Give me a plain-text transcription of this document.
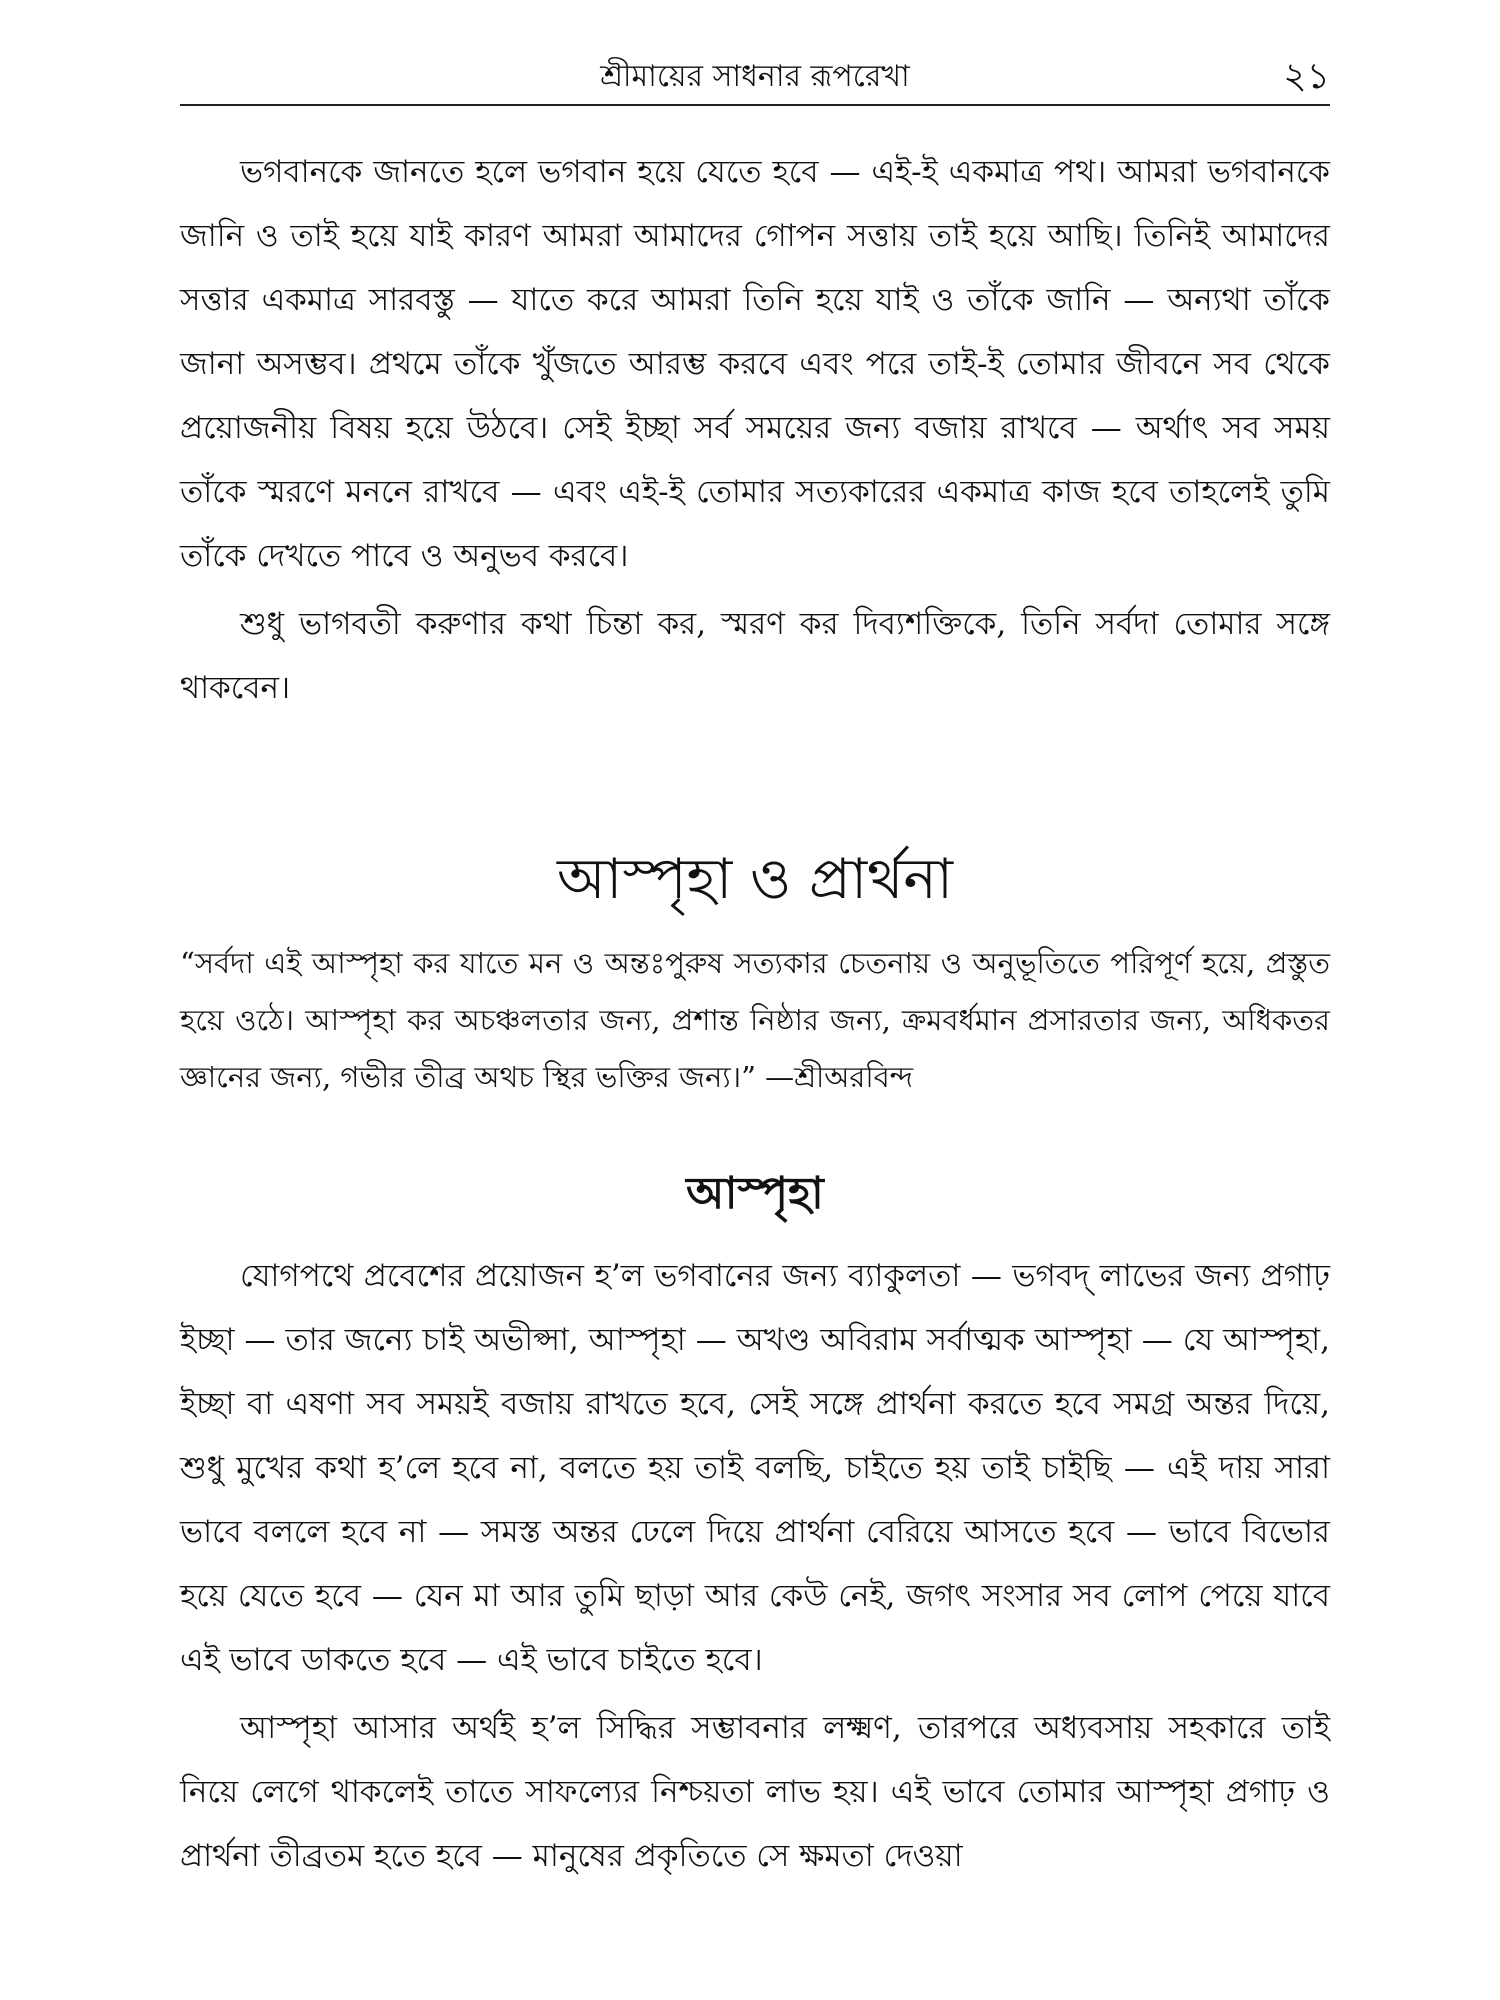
শ্রীমায়ের সাধনার রূপরেখা	২১

ভগবানকে জানতে হলে ভগবান হয়ে যেতে হবে — এই-ই একমাত্র পথ। আমরা ভগবানকে জানি ও তাই হয়ে যাই কারণ আমরা আমাদের গোপন সত্তায় তাই হয়ে আছি। তিনিই আমাদের সত্তার একমাত্র সারবস্তু — যাতে করে আমরা তিনি হয়ে যাই ও তাঁকে জানি — অন্যথা তাঁকে জানা অসম্ভব। প্রথমে তাঁকে খুঁজতে আরম্ভ করবে এবং পরে তাই-ই তোমার জীবনে সব থেকে প্রয়োজনীয় বিষয় হয়ে উঠবে। সেই ইচ্ছা সর্ব সময়ের জন্য বজায় রাখবে — অর্থাৎ সব সময় তাঁকে স্মরণে মননে রাখবে — এবং এই-ই তোমার সত্যকারের একমাত্র কাজ হবে তাহলেই তুমি তাঁকে দেখতে পাবে ও অনুভব করবে।

শুধু ভাগবতী করুণার কথা চিন্তা কর, স্মরণ কর দিব্যশক্তিকে, তিনি সর্বদা তোমার সঙ্গে থাকবেন।

আস্পৃহা ও প্রার্থনা

“সর্বদা এই আস্পৃহা কর যাতে মন ও অন্তঃপুরুষ সত্যকার চেতনায় ও অনুভূতিতে পরিপূর্ণ হয়ে, প্রস্তুত হয়ে ওঠে। আস্পৃহা কর অচঞ্চলতার জন্য, প্রশান্ত নিষ্ঠার জন্য, ক্রমবর্ধমান প্রসারতার জন্য, অধিকতর জ্ঞানের জন্য, গভীর তীব্র অথচ স্থির ভক্তির জন্য।” —শ্রীঅরবিন্দ

আস্পৃহা

যোগপথে প্রবেশের প্রয়োজন হ’ল ভগবানের জন্য ব্যাকুলতা — ভগবদ্ লাভের জন্য প্রগাঢ় ইচ্ছা — তার জন্যে চাই অভীপ্সা, আস্পৃহা — অখণ্ড অবিরাম সর্বাত্মক আস্পৃহা — যে আস্পৃহা, ইচ্ছা বা এষণা সব সময়ই বজায় রাখতে হবে, সেই সঙ্গে প্রার্থনা করতে হবে সমগ্র অন্তর দিয়ে, শুধু মুখের কথা হ’লে হবে না, বলতে হয় তাই বলছি, চাইতে হয় তাই চাইছি — এই দায় সারা ভাবে বললে হবে না — সমস্ত অন্তর ঢেলে দিয়ে প্রার্থনা বেরিয়ে আসতে হবে — ভাবে বিভোর হয়ে যেতে হবে — যেন মা আর তুমি ছাড়া আর কেউ নেই, জগৎ সংসার সব লোপ পেয়ে যাবে এই ভাবে ডাকতে হবে — এই ভাবে চাইতে হবে।

আস্পৃহা আসার অর্থই হ’ল সিদ্ধির সম্ভাবনার লক্ষ্মণ, তারপরে অধ্যবসায় সহকারে তাই নিয়ে লেগে থাকলেই তাতে সাফল্যের নিশ্চয়তা লাভ হয়। এই ভাবে তোমার আস্পৃহা প্রগাঢ় ও প্রার্থনা তীব্রতম হতে হবে — মানুষের প্রকৃতিতে সে ক্ষমতা দেওয়া
